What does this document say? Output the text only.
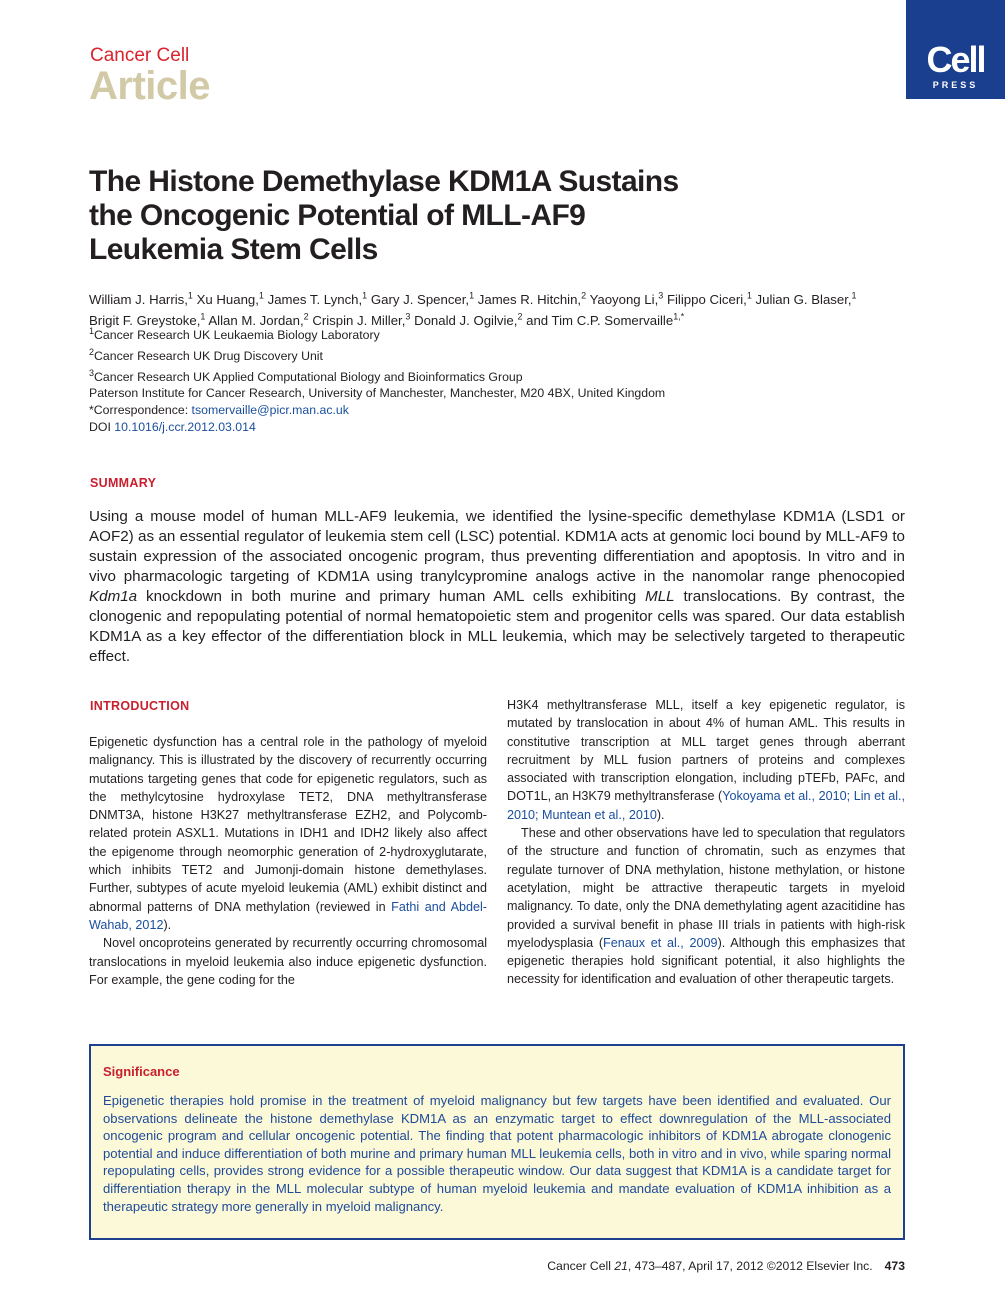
Cancer Cell
Article
Cell
PRESS
The Histone Demethylase KDM1A Sustains
the Oncogenic Potential of MLL-AF9
Leukemia Stem Cells
William J. Harris,$^1$ Xu Huang,$^1$ James T. Lynch,$^1$ Gary J. Spencer,$^1$ James R. Hitchin,$^2$ Yaoyong Li,$^3$ Filippo Ciceri,$^1$ Julian G. Blaser,$^1$ Brigit F. Greystoke,$^1$ Allan M. Jordan,$^2$ Crispin J. Miller,$^3$ Donald J. Ogilvie,$^2$ and Tim C.P. Somervaille$^{1,*}$
$^1$Cancer Research UK Leukaemia Biology Laboratory
$^2$Cancer Research UK Drug Discovery Unit
$^3$Cancer Research UK Applied Computational Biology and Bioinformatics Group
Paterson Institute for Cancer Research, University of Manchester, Manchester, M20 4BX, United Kingdom
*Correspondence: tsomervaille@picr.man.ac.uk
DOI 10.1016/j.ccr.2012.03.014
SUMMARY
Using a mouse model of human MLL-AF9 leukemia, we identified the lysine-specific demethylase KDM1A (LSD1 or AOF2) as an essential regulator of leukemia stem cell (LSC) potential. KDM1A acts at genomic loci bound by MLL-AF9 to sustain expression of the associated oncogenic program, thus preventing differentiation and apoptosis. In vitro and in vivo pharmacologic targeting of KDM1A using tranylcypromine analogs active in the nanomolar range phenocopied Kdm1a knockdown in both murine and primary human AML cells exhibiting MLL translocations. By contrast, the clonogenic and repopulating potential of normal hematopoietic stem and progenitor cells was spared. Our data establish KDM1A as a key effector of the differentiation block in MLL leukemia, which may be selectively targeted to therapeutic effect.
INTRODUCTION

Epigenetic dysfunction has a central role in the pathology of myeloid malignancy. This is illustrated by the discovery of recurrently occurring mutations targeting genes that code for epigenetic regulators, such as the methylcytosine hydroxylase TET2, DNA methyltransferase DNMT3A, histone H3K27 methyltransferase EZH2, and Polycomb-related protein ASXL1. Mutations in IDH1 and IDH2 likely also affect the epigenome through neomorphic generation of 2-hydroxyglutarate, which inhibits TET2 and Jumonji-domain histone demethylases. Further, subtypes of acute myeloid leukemia (AML) exhibit distinct and abnormal patterns of DNA methylation (reviewed in Fathi and Abdel-Wahab, 2012).

Novel oncoproteins generated by recurrently occurring chromosomal translocations in myeloid leukemia also induce epigenetic dysfunction. For example, the gene coding for the

H3K4 methyltransferase MLL, itself a key epigenetic regulator, is mutated by translocation in about 4% of human AML. This results in constitutive transcription at MLL target genes through aberrant recruitment by MLL fusion partners of proteins and complexes associated with transcription elongation, including pTEFb, PAFc, and DOT1L, an H3K79 methyltransferase (Yokoyama et al., 2010; Lin et al., 2010; Muntean et al., 2010).

These and other observations have led to speculation that regulators of the structure and function of chromatin, such as enzymes that regulate turnover of DNA methylation, histone methylation, or histone acetylation, might be attractive therapeutic targets in myeloid malignancy. To date, only the DNA demethylating agent azacitidine has provided a survival benefit in phase III trials in patients with high-risk myelodysplasia (Fenaux et al., 2009). Although this emphasizes that epigenetic therapies hold significant potential, it also highlights the necessity for identification and evaluation of other therapeutic targets.

Significance
Epigenetic therapies hold promise in the treatment of myeloid malignancy but few targets have been identified and evaluated. Our observations delineate the histone demethylase KDM1A as an enzymatic target to effect downregulation of the MLL-associated oncogenic program and cellular oncogenic potential. The finding that potent pharmacologic inhibitors of KDM1A abrogate clonogenic potential and induce differentiation of both murine and primary human MLL leukemia cells, both in vitro and in vivo, while sparing normal repopulating cells, provides strong evidence for a possible therapeutic window. Our data suggest that KDM1A is a candidate target for differentiation therapy in the MLL molecular subtype of human myeloid leukemia and mandate evaluation of KDM1A inhibition as a therapeutic strategy more generally in myeloid malignancy.
Cancer Cell 21, 473–487, April 17, 2012 ©2012 Elsevier Inc. 473
